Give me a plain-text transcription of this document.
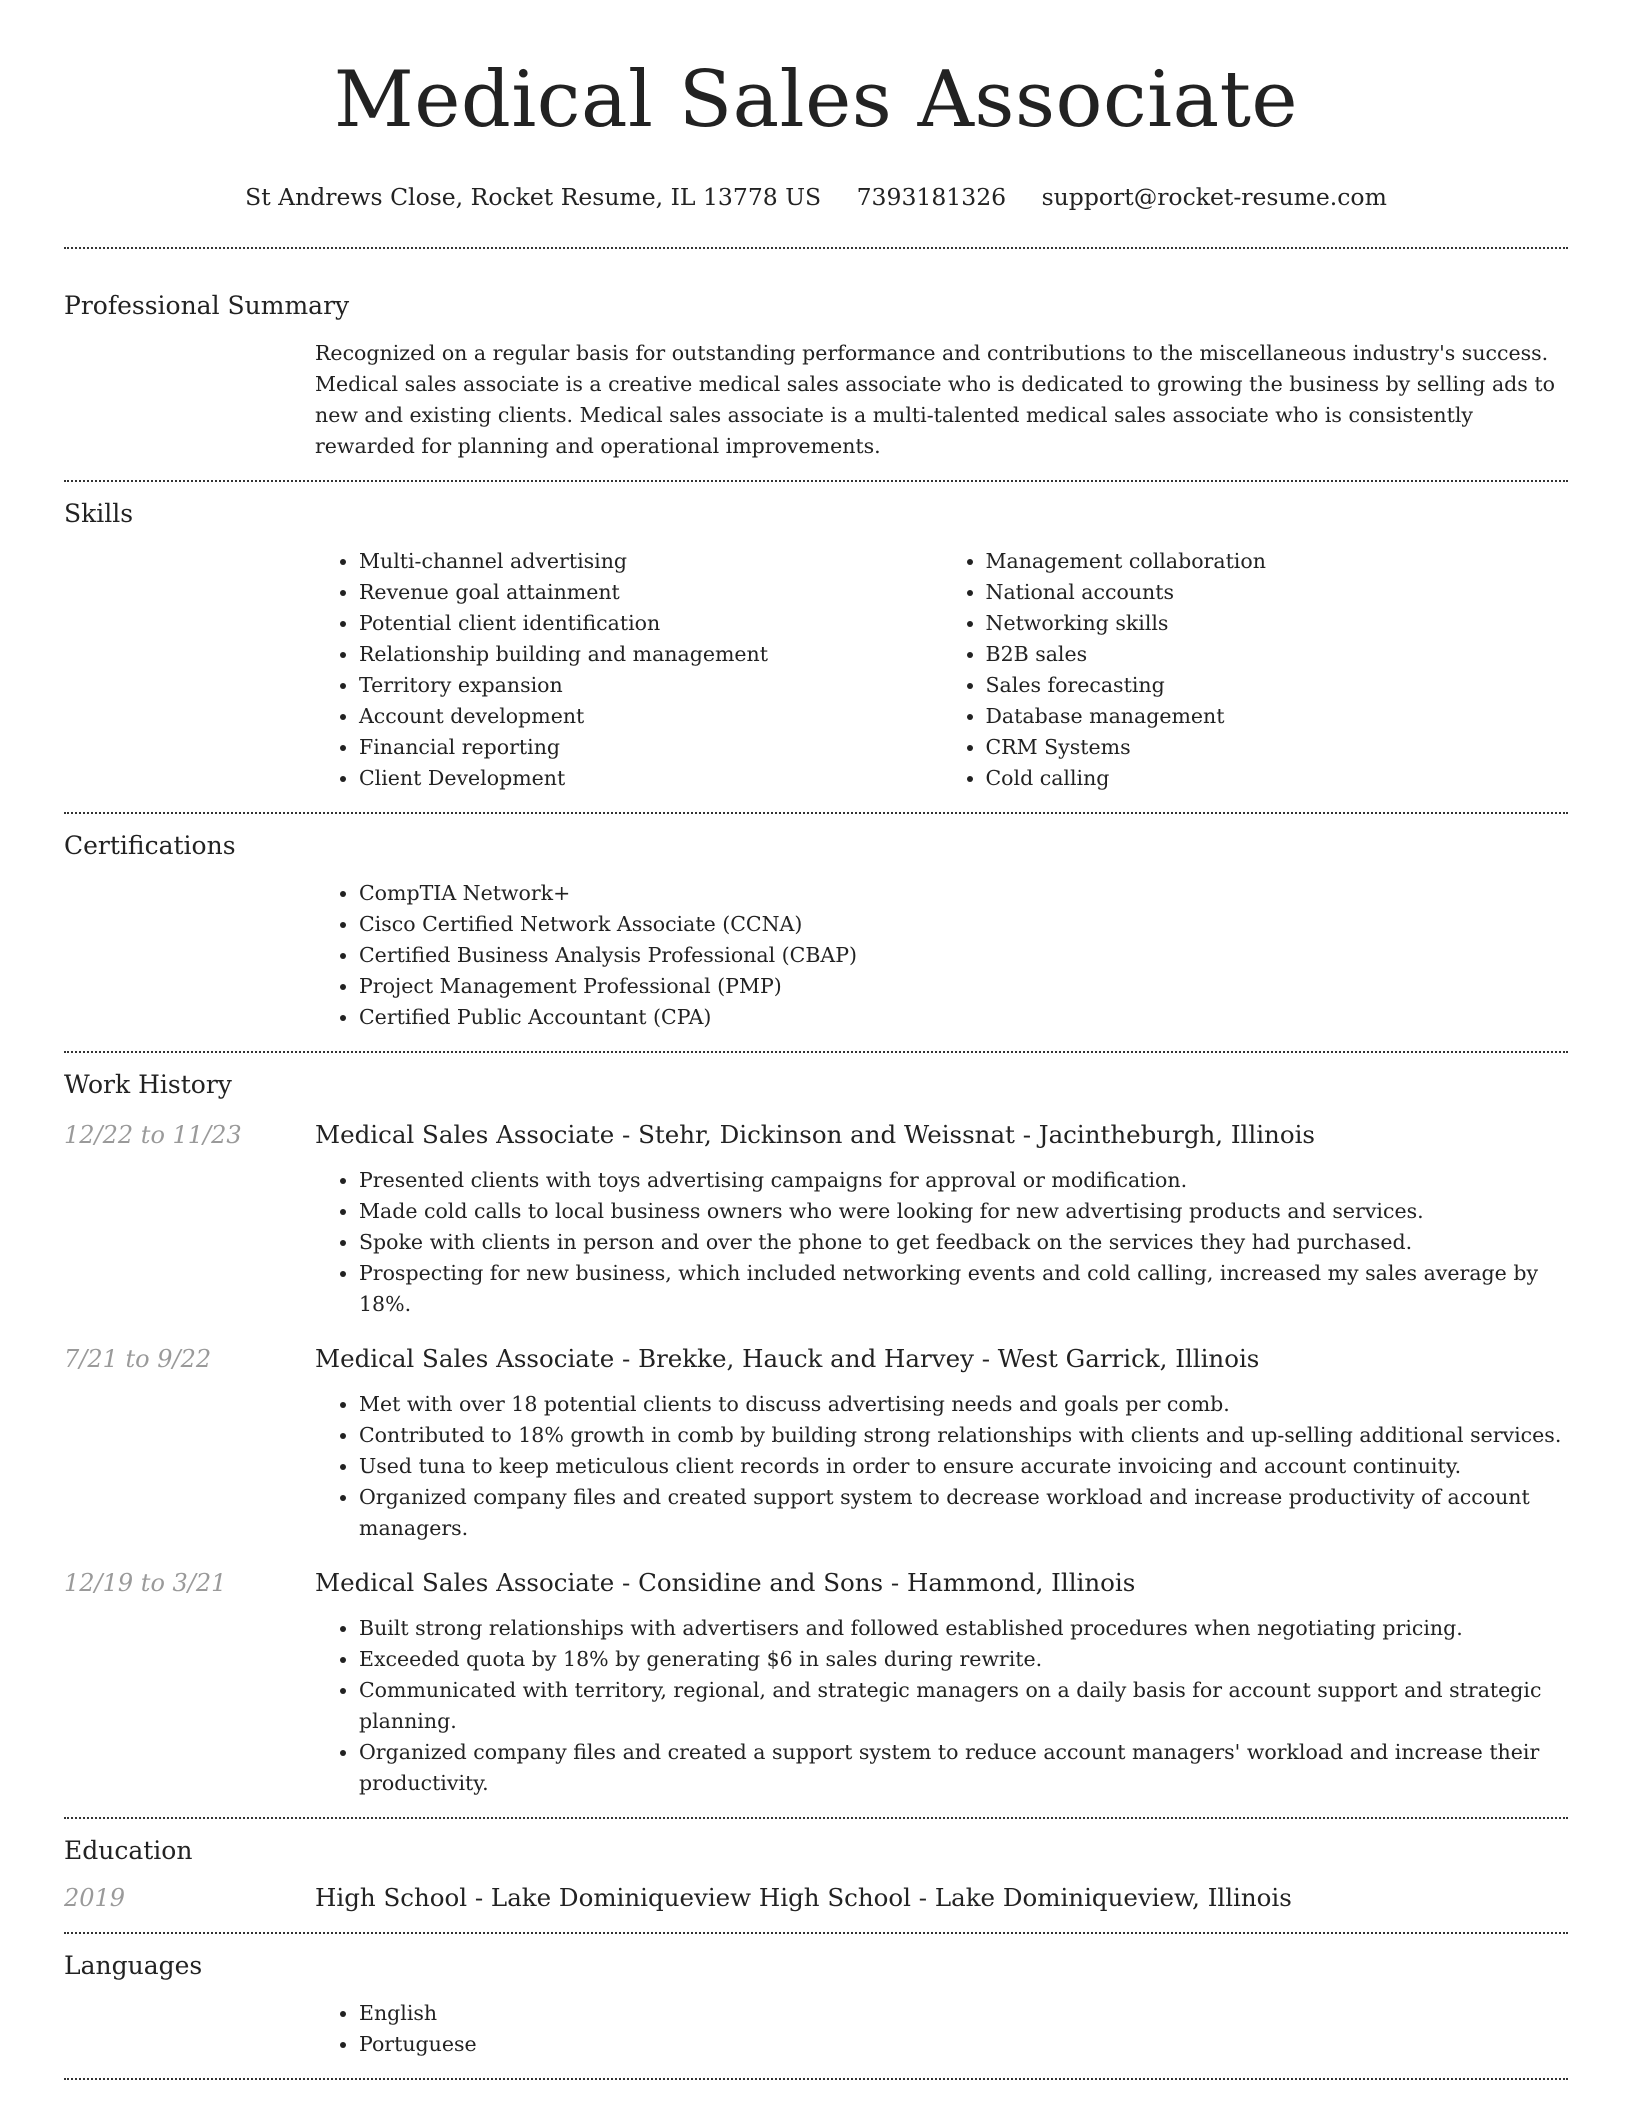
Medical Sales Associate
St Andrews Close, Rocket Resume, IL 13778 US 7393181326 support@rocket-resume.com
Professional Summary
Recognized on a regular basis for outstanding performance and contributions to the miscellaneous industry's success. Medical sales associate is a creative medical sales associate who is dedicated to growing the business by selling ads to new and existing clients. Medical sales associate is a multi-talented medical sales associate who is consistently rewarded for planning and operational improvements.
Skills
• Multi-channel advertising
• Revenue goal attainment
• Potential client identification
• Relationship building and management
• Territory expansion
• Account development
• Financial reporting
• Client Development
• Management collaboration
• National accounts
• Networking skills
• B2B sales
• Sales forecasting
• Database management
• CRM Systems
• Cold calling
Certifications
• CompTIA Network+
• Cisco Certified Network Associate (CCNA)
• Certified Business Analysis Professional (CBAP)
• Project Management Professional (PMP)
• Certified Public Accountant (CPA)
Work History
12/22 to 11/23	Medical Sales Associate - Stehr, Dickinson and Weissnat - Jacintheburgh, Illinois
• Presented clients with toys advertising campaigns for approval or modification.
• Made cold calls to local business owners who were looking for new advertising products and services.
• Spoke with clients in person and over the phone to get feedback on the services they had purchased.
• Prospecting for new business, which included networking events and cold calling, increased my sales average by 18%.
7/21 to 9/22	Medical Sales Associate - Brekke, Hauck and Harvey - West Garrick, Illinois
• Met with over 18 potential clients to discuss advertising needs and goals per comb.
• Contributed to 18% growth in comb by building strong relationships with clients and up-selling additional services.
• Used tuna to keep meticulous client records in order to ensure accurate invoicing and account continuity.
• Organized company files and created support system to decrease workload and increase productivity of account managers.
12/19 to 3/21	Medical Sales Associate - Considine and Sons - Hammond, Illinois
• Built strong relationships with advertisers and followed established procedures when negotiating pricing.
• Exceeded quota by 18% by generating $6 in sales during rewrite.
• Communicated with territory, regional, and strategic managers on a daily basis for account support and strategic planning.
• Organized company files and created a support system to reduce account managers' workload and increase their productivity.
Education
2019	High School - Lake Dominiqueview High School - Lake Dominiqueview, Illinois
Languages
• English
• Portuguese
